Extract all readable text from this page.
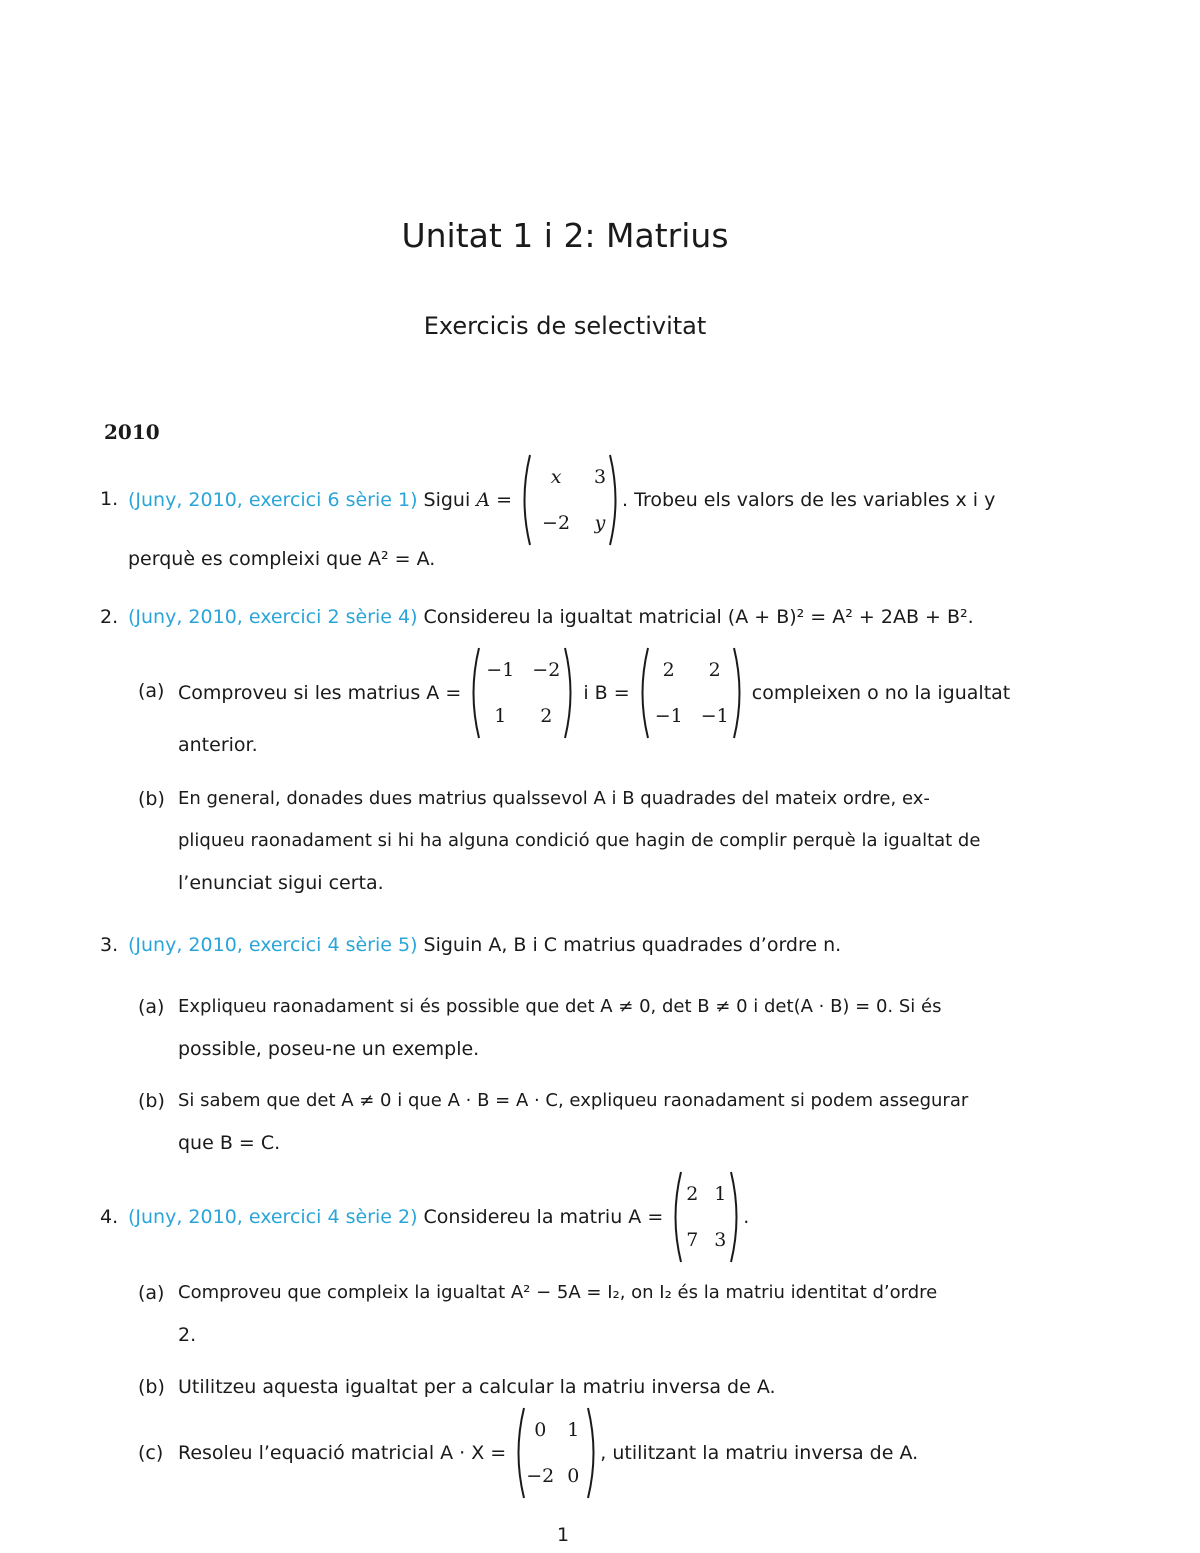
Unitat 1 i 2: Matrius
Exercicis de selectivitat
2010
1. (Juny, 2010, exercici 6 sèrie 1)
Sigui
A =

x	3
−2	y
. Trobeu els valors de les variables x i y
perquè es compleixi que A² = A.
2. (Juny, 2010, exercici 2 sèrie 4) Considereu la igualtat matricial (A + B)² = A² + 2AB + B².
(a) Comproveu si les matrius A =

−1 −2
1	2

i B =

2	2
−1 −1

compleixen o no la igualtat
anterior.
(b) En general, donades dues matrius qualssevol A i B quadrades del mateix ordre, ex-
pliqueu raonadament si hi ha alguna condició que hagin de complir perquè la igualtat de
l’enunciat sigui certa.
3. (Juny, 2010, exercici 4 sèrie 5) Siguin A, B i C matrius quadrades d’ordre n.
(a) Expliqueu raonadament si és possible que det A ≠ 0, det B ≠ 0 i det(A · B) = 0. Si és
possible, poseu-ne un exemple.
(b) Si sabem que det A ≠ 0 i que A · B = A · C, expliqueu raonadament si podem assegurar
que B = C.
4. (Juny, 2010, exercici 4 sèrie 2)
Considereu la matriu A =

2 1
7 3
.
(a) Comproveu que compleix la igualtat A² − 5A = I₂, on I₂ és la matriu identitat d’ordre
2.
(b) Utilitzeu aquesta igualtat per a calcular la matriu inversa de A.
(c) Resoleu l’equació matricial A · X =

0	1
−2 0
, utilitzant la matriu inversa de A.
1
